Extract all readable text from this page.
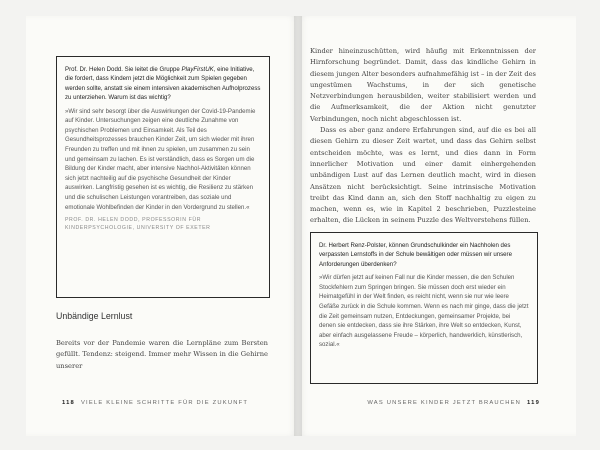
Prof. Dr. Helen Dodd. Sie leitet die Gruppe PlayFirstUK, eine Initiative, die fordert, dass Kindern jetzt die Möglichkeit zum Spielen gegeben werden sollte, anstatt sie einem intensiven akademischen Aufholprozess zu unterziehen. Warum ist das wichtig?
»Wir sind sehr besorgt über die Auswirkungen der Covid-19-Pandemie auf Kinder. Untersuchungen zeigen eine deutliche Zunahme von psychischen Problemen und Einsamkeit. Als Teil des Gesundheitsprozesses brauchen Kinder Zeit, um sich wieder mit ihren Freunden zu treffen und mit ihnen zu spielen, um zusammen zu sein und gemeinsam zu lachen. Es ist verständlich, dass es Sorgen um die Bildung der Kinder macht, aber intensive Nachhol-Aktivitäten können sich jetzt nachteilig auf die psychische Gesundheit der Kinder auswirken. Langfristig gesehen ist es wichtig, die Resilienz zu stärken und die schulischen Leistungen vorantreiben, das soziale und emotionale Wohlbefinden der Kinder in den Vordergrund zu stellen.«
PROF. DR. HELEN DODD, PROFESSORIN FÜR KINDERPSYCHOLOGIE, UNIVERSITY OF EXETER
Unbändige Lernlust
Bereits vor der Pandemie waren die Lernpläne zum Bersten gefüllt. Tendenz: steigend. Immer mehr Wissen in die Gehirne unserer
118 VIELE KLEINE SCHRITTE FÜR DIE ZUKUNFT
Kinder hineinzuschütten, wird häufig mit Erkenntnissen der Hirnforschung begründet. Damit, dass das kindliche Gehirn in diesem jungen Alter besonders aufnahmefähig ist – in der Zeit des ungestümen Wachstums, in der sich genetische Netzverbindungen herausbilden, weiter stabilisiert werden und die Aufmerksamkeit, die der Aktion nicht genutzter Verbindungen, noch nicht abgeschlossen ist.
Dass es aber ganz andere Erfahrungen sind, auf die es bei all diesen Gehirn zu dieser Zeit wartet, und dass das Gehirn selbst entscheiden möchte, was es lernt, und dies dann in Form innerlicher Motivation und einer damit einhergehenden unbändigen Lust auf das Lernen deutlich macht, wird in diesen Ansätzen nicht berücksichtigt. Seine intrinsische Motivation treibt das Kind dann an, sich den Stoff nachhaltig zu eigen zu machen, wenn es, wie in Kapitel 2 beschrieben, Puzzlesteine erhalten, die Lücken in seinem Puzzle des Weltverstehens füllen.
Dr. Herbert Renz-Polster, können Grundschulkinder ein Nachholen des verpassten Lernstoffs in der Schule bewältigen oder müssen wir unsere Anforderungen überdenken?
»Wir dürfen jetzt auf keinen Fall nur die Kinder messen, die den Schulen Stockfehlern zum Springen bringen. Sie müssen doch erst wieder ein Heimatgefühl in der Welt finden, es reicht nicht, wenn sie nur wie leere Gefäße zurück in die Schule kommen. Wenn es nach mir ginge, dass die jetzt die Zeit gemeinsam nutzen, Entdeckungen, gemeinsamer Projekte, bei denen sie entdecken, dass sie ihre Stärken, ihre Welt so entdecken, Kunst, aber einfach ausgelassene Freude – körperlich, handwerklich, künstlerisch, sozial.«
WAS UNSERE KINDER JETZT BRAUCHEN 119
